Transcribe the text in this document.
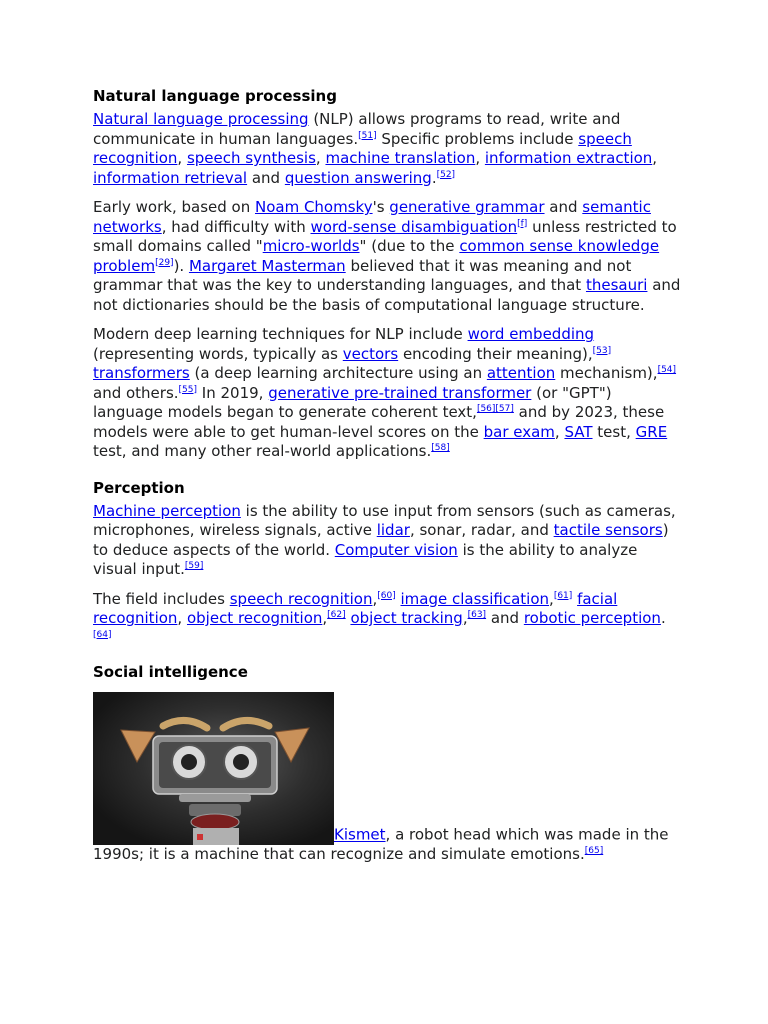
Natural language processing

Natural language processing (NLP) allows programs to read, write and communicate in human languages.[51] Specific problems include speech recognition, speech synthesis, machine translation, information extraction, information retrieval and question answering.[52]

Early work, based on Noam Chomsky's generative grammar and semantic networks, had difficulty with word-sense disambiguation[f] unless restricted to small domains called "micro-worlds" (due to the common sense knowledge problem[29]). Margaret Masterman believed that it was meaning and not grammar that was the key to understanding languages, and that thesauri and not dictionaries should be the basis of computational language structure.

Modern deep learning techniques for NLP include word embedding (representing words, typically as vectors encoding their meaning),[53] transformers (a deep learning architecture using an attention mechanism),[54] and others.[55] In 2019, generative pre-trained transformer (or "GPT") language models began to generate coherent text,[56][57] and by 2023, these models were able to get human-level scores on the bar exam, SAT test, GRE test, and many other real-world applications.[58]

Perception

Machine perception is the ability to use input from sensors (such as cameras, microphones, wireless signals, active lidar, sonar, radar, and tactile sensors) to deduce aspects of the world. Computer vision is the ability to analyze visual input.[59]

The field includes speech recognition,[60] image classification,[61] facial recognition, object recognition,[62] object tracking,[63] and robotic perception.[64]

Social intelligence

Kismet, a robot head which was made in the 1990s; it is a machine that can recognize and simulate emotions.[65]
